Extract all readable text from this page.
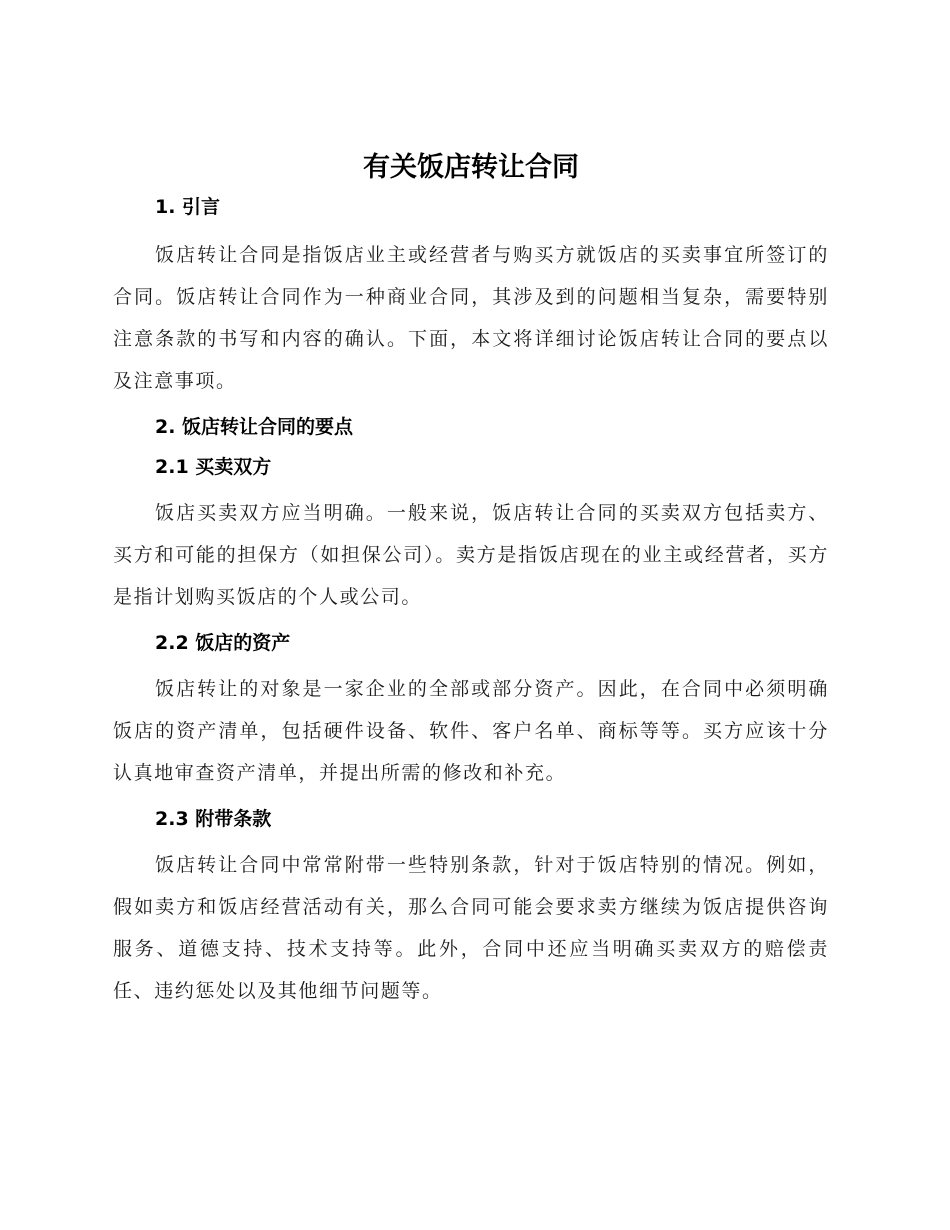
有关饭店转让合同
1. 引言

饭店转让合同是指饭店业主或经营者与购买方就饭店的买卖事宜所签订的合同。饭店转让合同作为一种商业合同，其涉及到的问题相当复杂，需要特别注意条款的书写和内容的确认。下面，本文将详细讨论饭店转让合同的要点以及注意事项。

2. 饭店转让合同的要点
2.1 买卖双方

饭店买卖双方应当明确。一般来说，饭店转让合同的买卖双方包括卖方、买方和可能的担保方（如担保公司）。卖方是指饭店现在的业主或经营者，买方是指计划购买饭店的个人或公司。

2.2 饭店的资产

饭店转让的对象是一家企业的全部或部分资产。因此，在合同中必须明确饭店的资产清单，包括硬件设备、软件、客户名单、商标等等。买方应该十分认真地审查资产清单，并提出所需的修改和补充。

2.3 附带条款

饭店转让合同中常常附带一些特别条款，针对于饭店特别的情况。例如，假如卖方和饭店经营活动有关，那么合同可能会要求卖方继续为饭店提供咨询服务、道德支持、技术支持等。此外，合同中还应当明确买卖双方的赔偿责任、违约惩处以及其他细节问题等。
